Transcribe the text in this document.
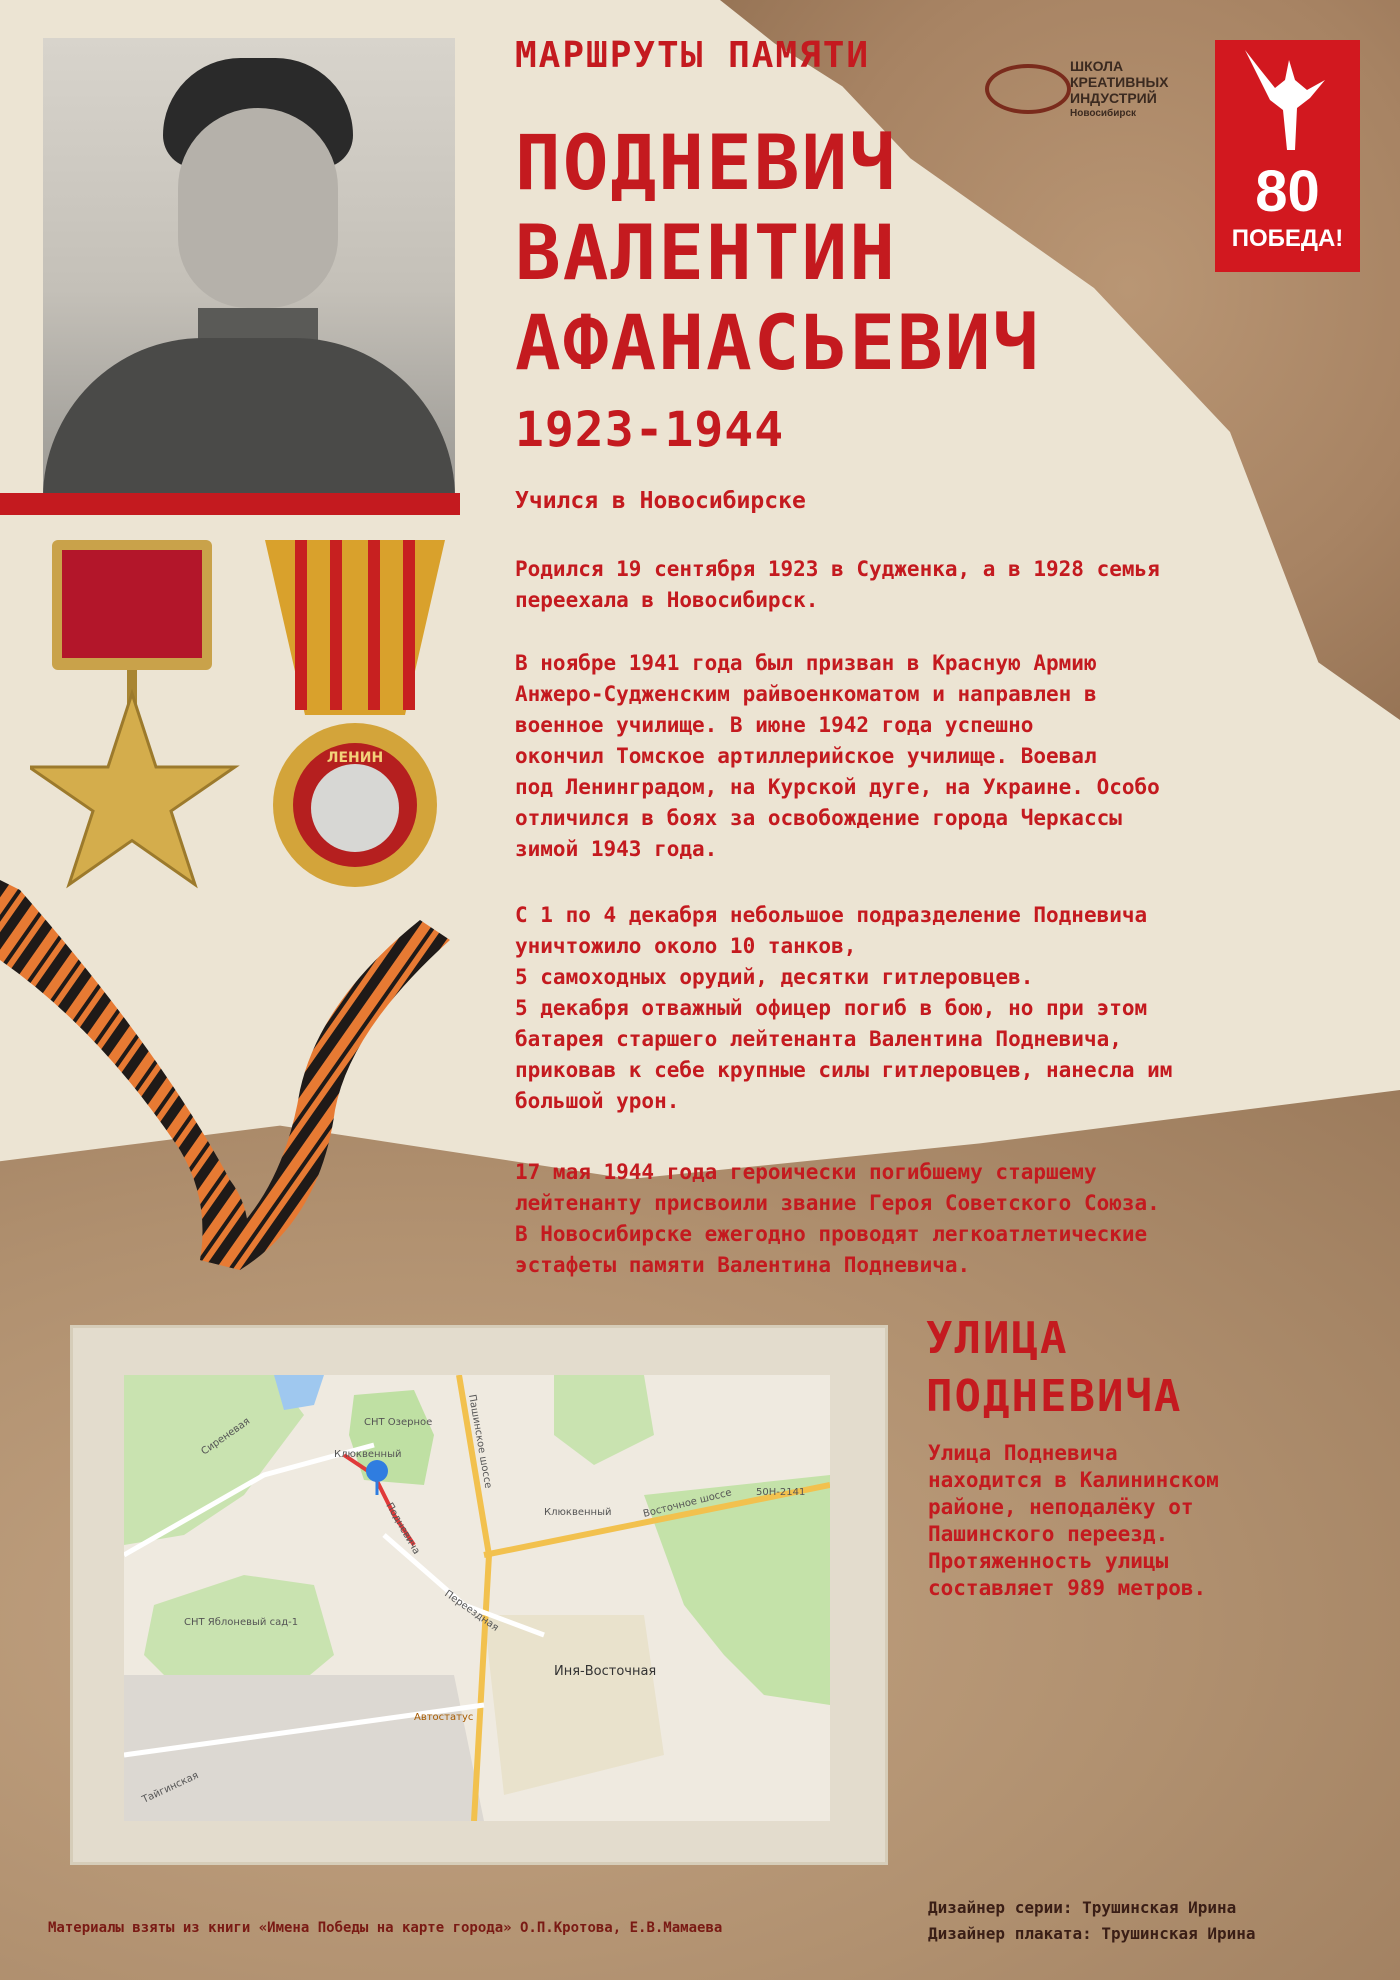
ЛЕНИН
МАРШРУТЫ ПАМЯТИ
ПОДНЕВИЧ
ВАЛЕНТИН
АФАНАСЬЕВИЧ
1923-1944

Учился в Новосибирске

ШКОЛА
КРЕАТИВНЫХ
ИНДУСТРИЙ
Новосибирск
80
ПОБЕДА!
Родился 19 сентября 1923 в Судженка, а в 1928 семья
переехала в Новосибирск.
В ноябре 1941 года был призван в Красную Армию
Анжеро-Судженским райвоенкоматом и направлен в
военное училище. В июне 1942 года успешно
окончил Томское артиллерийское училище. Воевал
под Ленинградом, на Курской дуге, на Украине. Особо
отличился в боях за освобождение города Черкассы
зимой 1943 года.
С 1 по 4 декабря небольшое подразделение Подневича
уничтожило около 10 танков,
5 самоходных орудий, десятки гитлеровцев.
5 декабря отважный офицер погиб в бою, но при этом
батарея старшего лейтенанта Валентина Подневича,
приковав к себе крупные силы гитлеровцев, нанесла им
большой урон.
17 мая 1944 года героически погибшему старшему
лейтенанту присвоили звание Героя Советского Союза.
В Новосибирске ежегодно проводят легкоатлетические
эстафеты памяти Валентина Подневича.
СНТ Озерное
Клюквенный
Клюквенный
Подневича
Сиреневая	Пашинское шоссе
50Н-2141
Восточное шоссе
Переездная
СНТ Яблоневый сад-1
Иня-Восточная
Автостатус
Тайгинская
УЛИЦА
ПОДНЕВИЧА
Улица Подневича
находится в Калининском
районе, неподалёку от
Пашинского переезд.
Протяженность улицы
составляет 989 метров.

Материалы взяты из книги «Имена Победы на карте города» О.П.Кротова, Е.В.Мамаева

Дизайнер серии: Трушинская Ирина
Дизайнер плаката: Трушинская Ирина
